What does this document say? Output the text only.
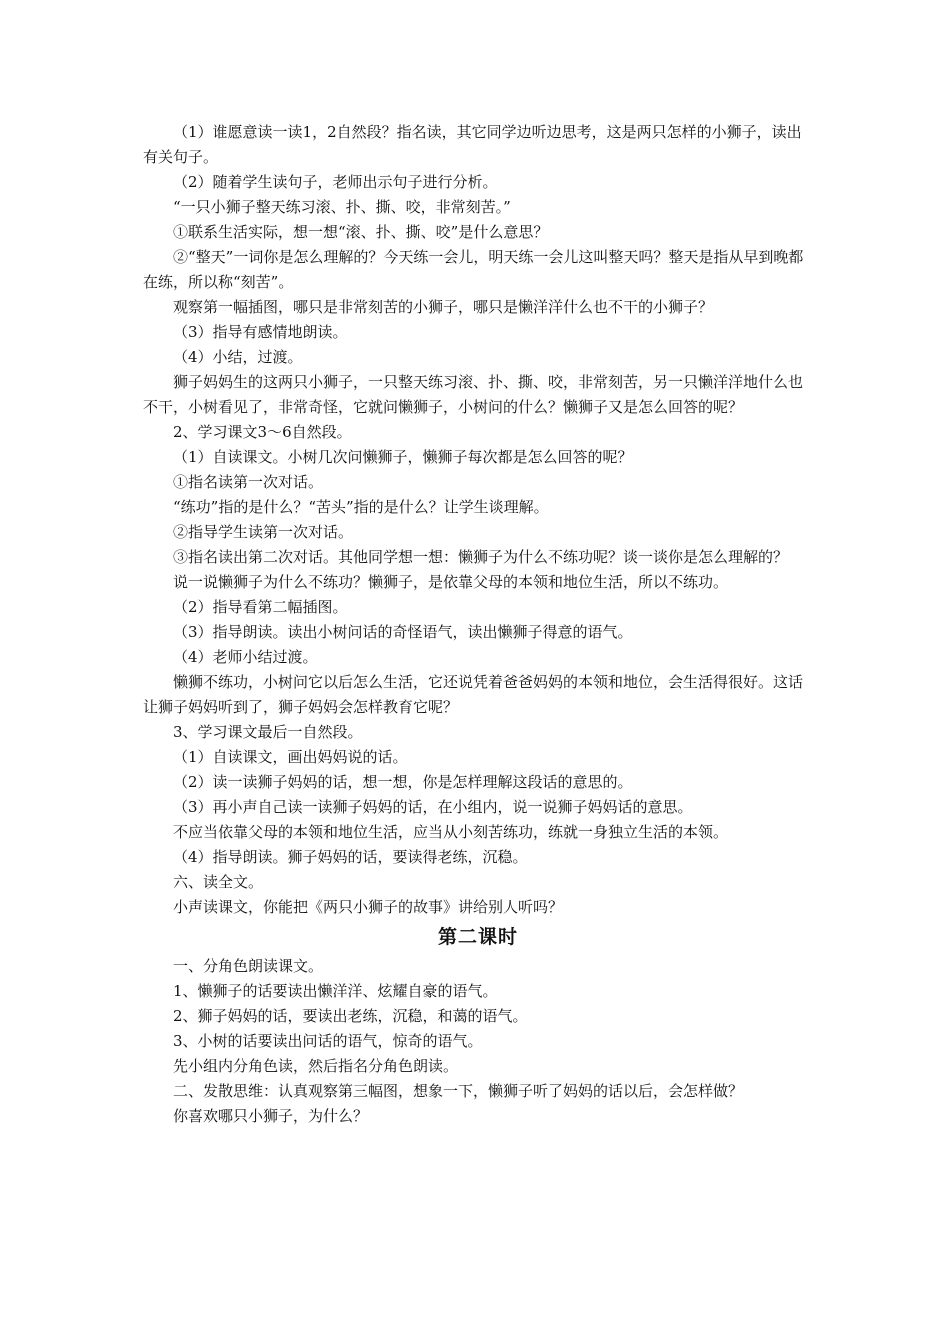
（1）谁愿意读一读1，2自然段？指名读，其它同学边听边思考，这是两只怎样的小狮子，读出有关句子。

（2）随着学生读句子，老师出示句子进行分析。

“一只小狮子整天练习滚、扑、撕、咬，非常刻苦。”

①联系生活实际，想一想“滚、扑、撕、咬”是什么意思？

②“整天”一词你是怎么理解的？今天练一会儿，明天练一会儿这叫整天吗？整天是指从早到晚都在练，所以称“刻苦”。

观察第一幅插图，哪只是非常刻苦的小狮子，哪只是懒洋洋什么也不干的小狮子？

（3）指导有感情地朗读。

（4）小结，过渡。

狮子妈妈生的这两只小狮子，一只整天练习滚、扑、撕、咬，非常刻苦，另一只懒洋洋地什么也不干，小树看见了，非常奇怪，它就问懒狮子，小树问的什么？懒狮子又是怎么回答的呢？

2、学习课文3～6自然段。

（1）自读课文。小树几次问懒狮子，懒狮子每次都是怎么回答的呢？

①指名读第一次对话。

“练功”指的是什么？“苦头”指的是什么？让学生谈理解。

②指导学生读第一次对话。

③指名读出第二次对话。其他同学想一想：懒狮子为什么不练功呢？谈一谈你是怎么理解的？

说一说懒狮子为什么不练功？懒狮子，是依靠父母的本领和地位生活，所以不练功。

（2）指导看第二幅插图。

（3）指导朗读。读出小树问话的奇怪语气，读出懒狮子得意的语气。

（4）老师小结过渡。

懒狮不练功，小树问它以后怎么生活，它还说凭着爸爸妈妈的本领和地位，会生活得很好。这话让狮子妈妈听到了，狮子妈妈会怎样教育它呢？

3、学习课文最后一自然段。

（1）自读课文，画出妈妈说的话。

（2）读一读狮子妈妈的话，想一想，你是怎样理解这段话的意思的。

（3）再小声自己读一读狮子妈妈的话，在小组内，说一说狮子妈妈话的意思。

不应当依靠父母的本领和地位生活，应当从小刻苦练功，练就一身独立生活的本领。

（4）指导朗读。狮子妈妈的话，要读得老练，沉稳。

六、读全文。

小声读课文，你能把《两只小狮子的故事》讲给别人听吗？

第二课时

一、分角色朗读课文。

1、懒狮子的话要读出懒洋洋、炫耀自豪的语气。

2、狮子妈妈的话，要读出老练，沉稳，和蔼的语气。

3、小树的话要读出问话的语气，惊奇的语气。

先小组内分角色读，然后指名分角色朗读。

二、发散思维：认真观察第三幅图，想象一下，懒狮子听了妈妈的话以后，会怎样做？

你喜欢哪只小狮子，为什么？
